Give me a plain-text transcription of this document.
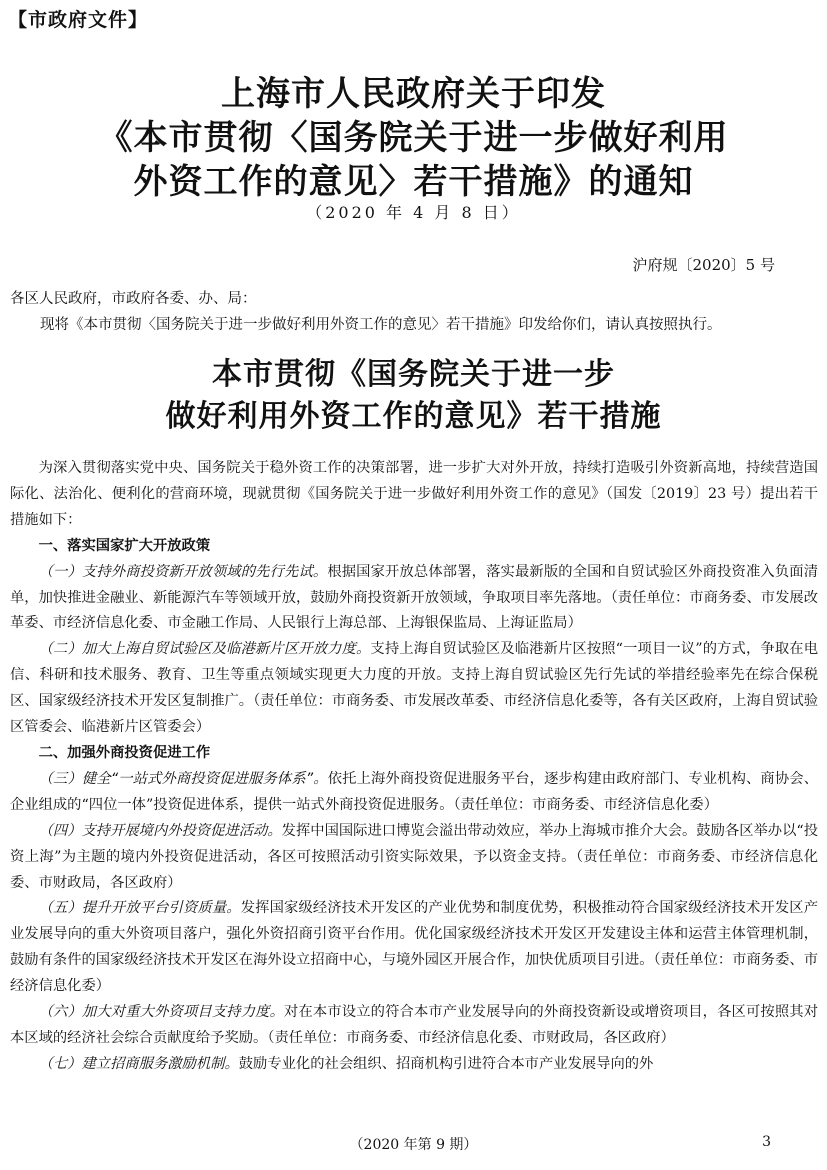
【市政府文件】
上海市人民政府关于印发
《本市贯彻〈国务院关于进一步做好利用
外资工作的意见〉若干措施》的通知
（2020 年 4 月 8 日）
沪府规〔2020〕5 号
各区人民政府，市政府各委、办、局：
现将《本市贯彻〈国务院关于进一步做好利用外资工作的意见〉若干措施》印发给你们，请认真按照执行。
本市贯彻《国务院关于进一步
做好利用外资工作的意见》若干措施

为深入贯彻落实党中央、国务院关于稳外资工作的决策部署，进一步扩大对外开放，持续打造吸引外资新高地，持续营造国际化、法治化、便利化的营商环境，现就贯彻《国务院关于进一步做好利用外资工作的意见》（国发〔2019〕23 号）提出若干措施如下：

一、落实国家扩大开放政策

（一）支持外商投资新开放领域的先行先试。根据国家开放总体部署，落实最新版的全国和自贸试验区外商投资准入负面清单，加快推进金融业、新能源汽车等领域开放，鼓励外商投资新开放领域，争取项目率先落地。（责任单位：市商务委、市发展改革委、市经济信息化委、市金融工作局、人民银行上海总部、上海银保监局、上海证监局）

（二）加大上海自贸试验区及临港新片区开放力度。支持上海自贸试验区及临港新片区按照“一项目一议”的方式，争取在电信、科研和技术服务、教育、卫生等重点领域实现更大力度的开放。支持上海自贸试验区先行先试的举措经验率先在综合保税区、国家级经济技术开发区复制推广。（责任单位：市商务委、市发展改革委、市经济信息化委等，各有关区政府，上海自贸试验区管委会、临港新片区管委会）

二、加强外商投资促进工作

（三）健全“一站式外商投资促进服务体系”。依托上海外商投资促进服务平台，逐步构建由政府部门、专业机构、商协会、企业组成的“四位一体”投资促进体系，提供一站式外商投资促进服务。（责任单位：市商务委、市经济信息化委）

（四）支持开展境内外投资促进活动。发挥中国国际进口博览会溢出带动效应，举办上海城市推介大会。鼓励各区举办以“投资上海”为主题的境内外投资促进活动，各区可按照活动引资实际效果，予以资金支持。（责任单位：市商务委、市经济信息化委、市财政局，各区政府）

（五）提升开放平台引资质量。发挥国家级经济技术开发区的产业优势和制度优势，积极推动符合国家级经济技术开发区产业发展导向的重大外资项目落户，强化外资招商引资平台作用。优化国家级经济技术开发区开发建设主体和运营主体管理机制，鼓励有条件的国家级经济技术开发区在海外设立招商中心，与境外园区开展合作，加快优质项目引进。（责任单位：市商务委、市经济信息化委）

（六）加大对重大外资项目支持力度。对在本市设立的符合本市产业发展导向的外商投资新设或增资项目，各区可按照其对本区域的经济社会综合贡献度给予奖励。（责任单位：市商务委、市经济信息化委、市财政局，各区政府）

（七）建立招商服务激励机制。鼓励专业化的社会组织、招商机构引进符合本市产业发展导向的外

（2020 年第 9 期）	3
